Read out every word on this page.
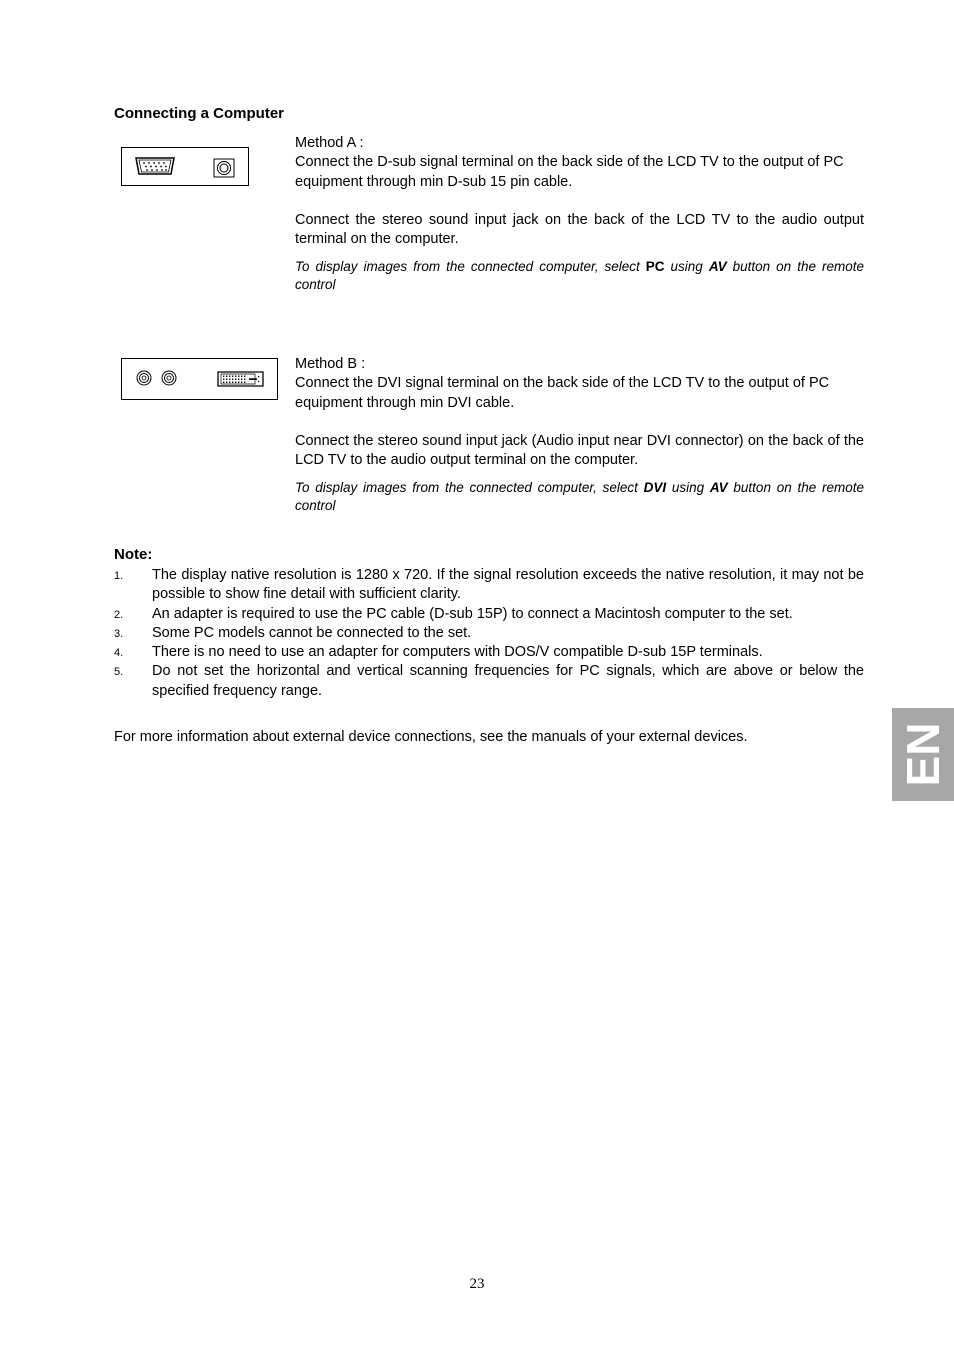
Connecting a Computer

Method A :

Connect the D-sub signal terminal on the back side of the LCD TV to the output of PC equipment through min D-sub 15 pin cable.

Connect the stereo sound input jack on the back of the LCD TV to the audio output terminal on the computer.

To display images from the connected computer, select PC using AV button on the remote control

Method B :

Connect the DVI signal terminal on the back side of the LCD TV to the output of PC equipment through min DVI cable.

Connect the stereo sound input jack (Audio input near DVI connector) on the back of the LCD TV to the audio output terminal on the computer.

To display images from the connected computer, select DVI using AV button on the remote control

Note:
1. The display native resolution is 1280 x 720. If the signal resolution exceeds the native resolution, it may not be possible to show fine detail with sufficient clarity.
2. An adapter is required to use the PC cable (D-sub 15P) to connect a Macintosh computer to the set.
3. Some PC models cannot be connected to the set.
4. There is no need to use an adapter for computers with DOS/V compatible D-sub 15P terminals.
5. Do not set the horizontal and vertical scanning frequencies for PC signals, which are above or below the specified frequency range.

For more information about external device connections, see the manuals of your external devices.	EN
23
